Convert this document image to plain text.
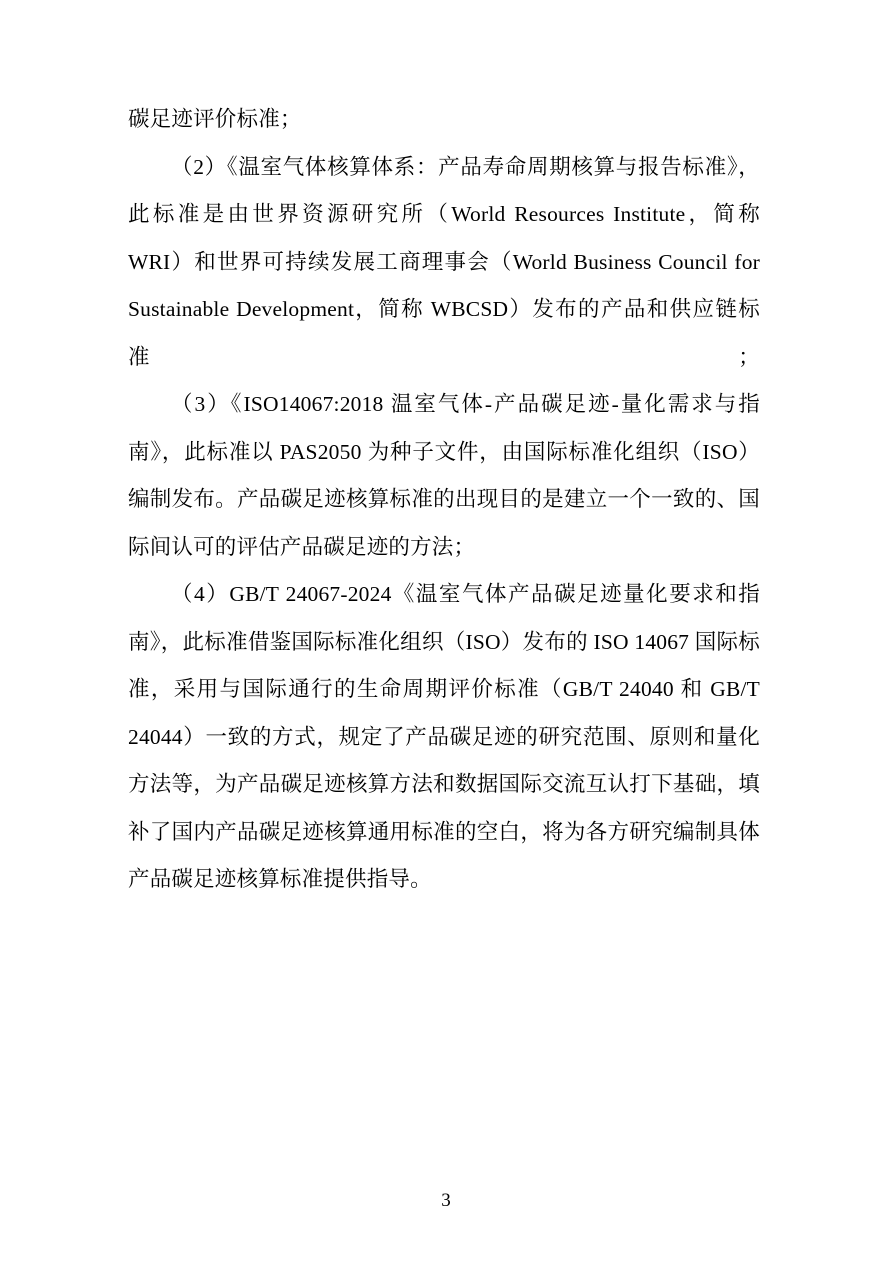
碳足迹评价标准；

（2）《温室气体核算体系：产品寿命周期核算与报告标准》，此标准是由世界资源研究所（World Resources Institute，简称 WRI）和世界可持续发展工商理事会（World Business Council for Sustainable Development，简称 WBCSD）发布的产品和供应链标准；

（3）《ISO14067:2018 温室气体‐产品碳足迹‐量化需求与指南》，此标准以 PAS2050 为种子文件，由国际标准化组织（ISO）编制发布。产品碳足迹核算标准的出现目的是建立一个一致的、国际间认可的评估产品碳足迹的方法；

（4）GB/T 24067-2024《温室气体产品碳足迹量化要求和指南》，此标准借鉴国际标准化组织（ISO）发布的 ISO 14067 国际标准，采用与国际通行的生命周期评价标准（GB/T 24040 和 GB/T 24044）一致的方式，规定了产品碳足迹的研究范围、原则和量化方法等，为产品碳足迹核算方法和数据国际交流互认打下基础，填补了国内产品碳足迹核算通用标准的空白，将为各方研究编制具体产品碳足迹核算标准提供指导。

3
